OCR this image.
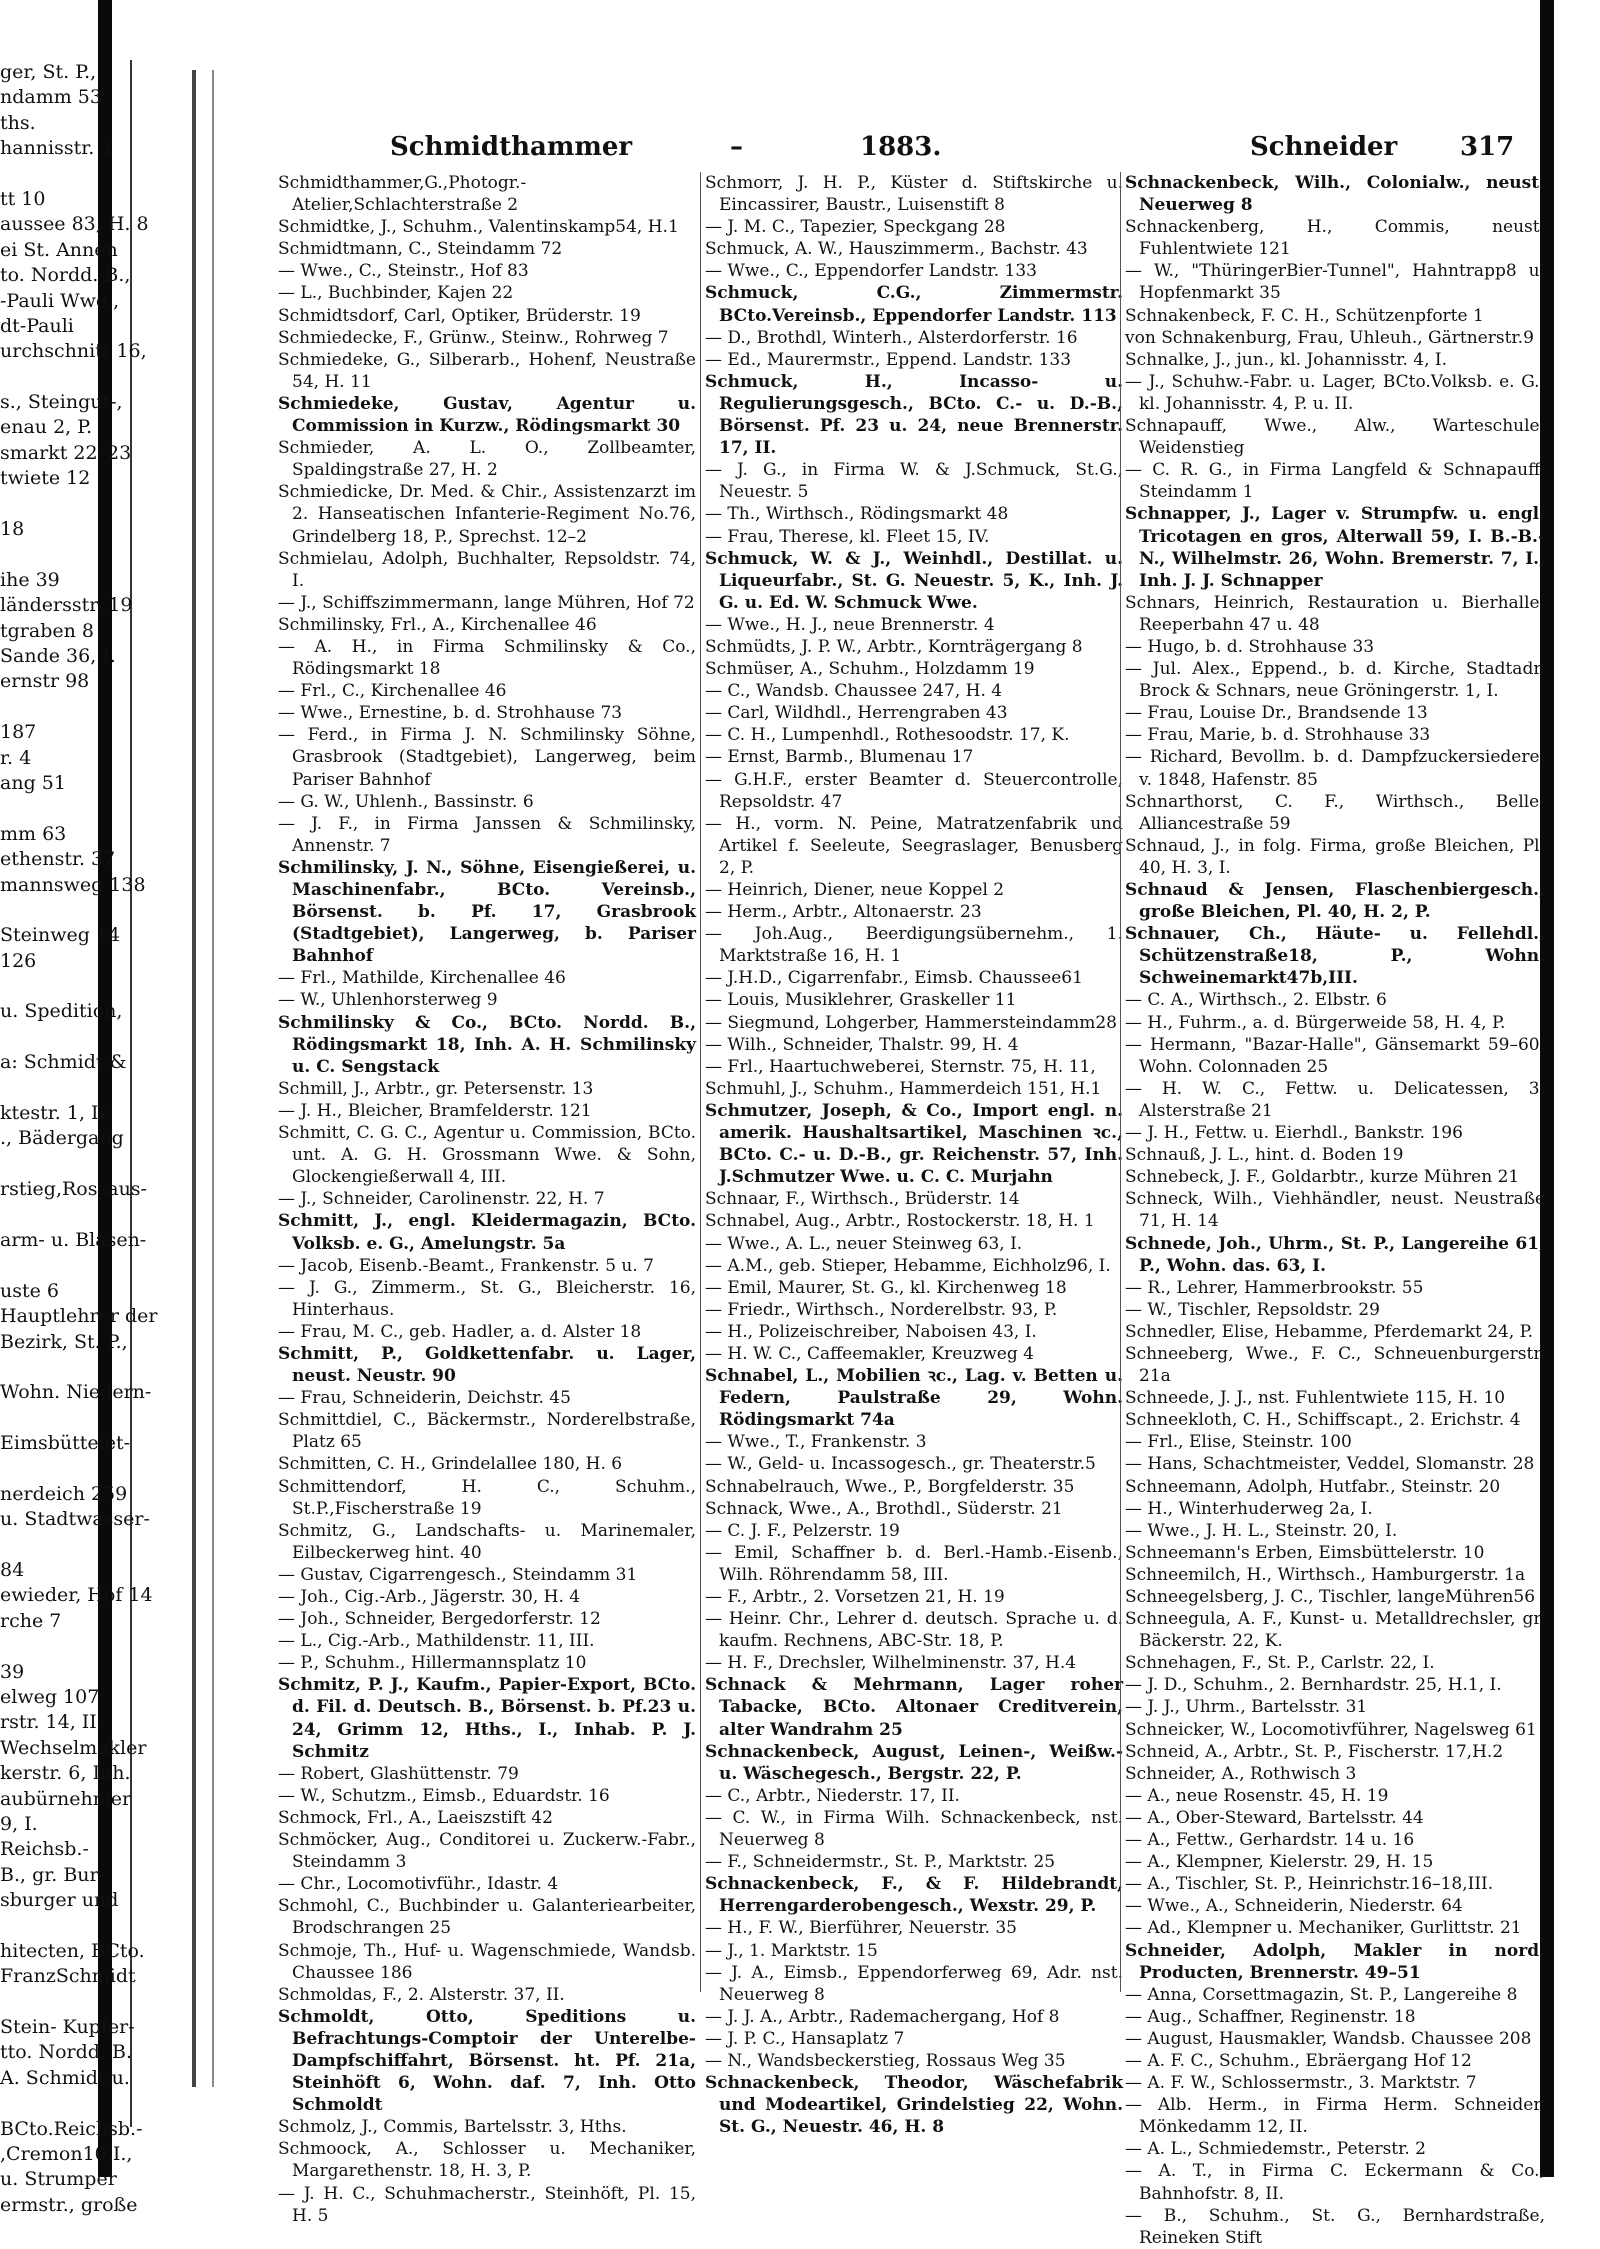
ger, St. P.,
ndamm 53
ths.
hannisstr. 3
tt 10
aussee 83, H. 8
ei St. Annen
to. Nordd. B.,
-Pauli Wwe.,
dt-Pauli
urchschnitt 16,
s., Steingut-,
enau 2, P.
smarkt 22–23
twiete 12
18
ihe 39
ländersstr. 19
tgraben 8
Sande 36, I.
ernstr 98
187
r. 4
ang 51
mm 63
ethenstr. 37
mannsweg 138
Steinweg 14
126
u. Spedition,
a: Schmidt &
ktestr. 1, II.
., Bädergang
rstieg,Rossaus-
arm- u. Blasen-
uste 6
Hauptlehrer der
Bezirk, St. P.,
Wohn. Niedern-
Eimsbüttelet-
nerdeich 259
u. Stadtwasser-
84
ewieder, Hof 14
rche 7
39
elweg 107
rstr. 14, II.
Wechselmakler
kerstr. 6, Inh.
aubürnehmer
9, I.
Reichsb.-
B., gr. Bur-
sburger und
hitecten, BCto.
FranzSchmidt
Stein- Kupfer-
tto. Nordd. B.
A. Schmidt u.
BCto.Reichsb.-
,Cremon10,I.,
u. Strumper
ermstr., große
Schmidthammer	–	1883.	Schneider 317
Schmidthammer,G.,Photogr.-Atelier,Schlachterstraße 2
Schmidtke, J., Schuhm., Valentinskamp54, H.1
Schmidtmann, C., Steindamm 72
— Wwe., C., Steinstr., Hof 83
— L., Buchbinder, Kajen 22
Schmidtsdorf, Carl, Optiker, Brüderstr. 19
Schmiedecke, F., Grünw., Steinw., Rohrweg 7
Schmiedeke, G., Silberarb., Hohenf, Neustraße 54, H. 11
Schmiedeke, Gustav, Agentur u. Commission in Kurzw., Rödingsmarkt 30
Schmieder, A. L. O., Zollbeamter, Spaldingstraße 27, H. 2
Schmiedicke, Dr. Med. & Chir., Assistenzarzt im 2. Hanseatischen Infanterie-Regiment No.76, Grindelberg 18, P., Sprechst. 12–2
Schmielau, Adolph, Buchhalter, Repsoldstr. 74, I.
— J., Schiffszimmermann, lange Mühren, Hof 72
Schmilinsky, Frl., A., Kirchenallee 46
— A. H., in Firma Schmilinsky & Co., Rödingsmarkt 18
— Frl., C., Kirchenallee 46
— Wwe., Ernestine, b. d. Strohhause 73
— Ferd., in Firma J. N. Schmilinsky Söhne, Grasbrook (Stadtgebiet), Langerweg, beim Pariser Bahnhof
— G. W., Uhlenh., Bassinstr. 6
— J. F., in Firma Janssen & Schmilinsky, Annenstr. 7
Schmilinsky, J. N., Söhne, Eisengießerei, u. Maschinenfabr., BCto. Vereinsb., Börsenst. b. Pf. 17, Grasbrook (Stadtgebiet), Langerweg, b. Pariser Bahnhof
— Frl., Mathilde, Kirchenallee 46
— W., Uhlenhorsterweg 9
Schmilinsky & Co., BCto. Nordd. B., Rödingsmarkt 18, Inh. A. H. Schmilinsky u. C. Sengstack
Schmill, J., Arbtr., gr. Petersenstr. 13
— J. H., Bleicher, Bramfelderstr. 121
Schmitt, C. G. C., Agentur u. Commission, BCto. unt. A. G. H. Grossmann Wwe. & Sohn, Glockengießerwall 4, III.
— J., Schneider, Carolinenstr. 22, H. 7
Schmitt, J., engl. Kleidermagazin, BCto. Volksb. e. G., Amelungstr. 5a
— Jacob, Eisenb.-Beamt., Frankenstr. 5 u. 7
— J. G., Zimmerm., St. G., Bleicherstr. 16, Hinterhaus.
— Frau, M. C., geb. Hadler, a. d. Alster 18
Schmitt, P., Goldkettenfabr. u. Lager, neust. Neustr. 90
— Frau, Schneiderin, Deichstr. 45
Schmittdiel, C., Bäckermstr., Norderelbstraße, Platz 65
Schmitten, C. H., Grindelallee 180, H. 6
Schmittendorf, H. C., Schuhm., St.P.,Fischerstraße 19
Schmitz, G., Landschafts- u. Marinemaler, Eilbeckerweg hint. 40
— Gustav, Cigarrengesch., Steindamm 31
— Joh., Cig.-Arb., Jägerstr. 30, H. 4
— Joh., Schneider, Bergedorferstr. 12
— L., Cig.-Arb., Mathildenstr. 11, III.
— P., Schuhm., Hillermannsplatz 10
Schmitz, P. J., Kaufm., Papier-Export, BCto. d. Fil. d. Deutsch. B., Börsenst. b. Pf.23 u. 24, Grimm 12, Hths., I., Inhab. P. J. Schmitz
— Robert, Glashüttenstr. 79
— W., Schutzm., Eimsb., Eduardstr. 16
Schmock, Frl., A., Laeiszstift 42
Schmöcker, Aug., Conditorei u. Zuckerw.-Fabr., Steindamm 3
— Chr., Locomotivführ., Idastr. 4
Schmohl, C., Buchbinder u. Galanteriearbeiter, Brodschrangen 25
Schmoje, Th., Huf- u. Wagenschmiede, Wandsb. Chaussee 186
Schmoldas, F., 2. Alsterstr. 37, II.
Schmoldt, Otto, Speditions u. Befrachtungs-Comptoir der Unterelbe-Dampfschiffahrt, Börsenst. ht. Pf. 21a, Steinhöft 6, Wohn. daf. 7, Inh. Otto Schmoldt
Schmolz, J., Commis, Bartelsstr. 3, Hths.
Schmoock, A., Schlosser u. Mechaniker, Margarethenstr. 18, H. 3, P.
— J. H. C., Schuhmacherstr., Steinhöft, Pl. 15, H. 5
Schmorr, J. H. P., Küster d. Stiftskirche u. Eincassirer, Baustr., Luisenstift 8
— J. M. C., Tapezier, Speckgang 28
Schmuck, A. W., Hauszimmerm., Bachstr. 43
— Wwe., C., Eppendorfer Landstr. 133
Schmuck, C.G., Zimmermstr. BCto.Vereinsb., Eppendorfer Landstr. 113
— D., Brothdl, Winterh., Alsterdorferstr. 16
— Ed., Maurermstr., Eppend. Landstr. 133
Schmuck, H., Incasso- u. Regulierungsgesch., BCto. C.- u. D.-B., Börsenst. Pf. 23 u. 24, neue Brennerstr. 17, II.
— J. G., in Firma W. & J.Schmuck, St.G., Neuestr. 5
— Th., Wirthsch., Rödingsmarkt 48
— Frau, Therese, kl. Fleet 15, IV.
Schmuck, W. & J., Weinhdl., Destillat. u. Liqueurfabr., St. G. Neuestr. 5, K., Inh. J. G. u. Ed. W. Schmuck Wwe.
— Wwe., H. J., neue Brennerstr. 4
Schmüdts, J. P. W., Arbtr., Kornträgergang 8
Schmüser, A., Schuhm., Holzdamm 19
— C., Wandsb. Chaussee 247, H. 4
— Carl, Wildhdl., Herrengraben 43
— C. H., Lumpenhdl., Rothesoodstr. 17, K.
— Ernst, Barmb., Blumenau 17
— G.H.F., erster Beamter d. Steuercontrolle, Repsoldstr. 47
— H., vorm. N. Peine, Matratzenfabrik und Artikel f. Seeleute, Seegraslager, Benusberg 2, P.
— Heinrich, Diener, neue Koppel 2
— Herm., Arbtr., Altonaerstr. 23
— Joh.Aug., Beerdigungsübernehm., 1. Marktstraße 16, H. 1
— J.H.D., Cigarrenfabr., Eimsb. Chaussee61
— Louis, Musiklehrer, Graskeller 11
— Siegmund, Lohgerber, Hammersteindamm28
— Wilh., Schneider, Thalstr. 99, H. 4
— Frl., Haartuchweberei, Sternstr. 75, H. 11,
Schmuhl, J., Schuhm., Hammerdeich 151, H.1
Schmutzer, Joseph, & Co., Import engl. n. amerik. Haushaltsartikel, Maschinen ꝛc., BCto. C.- u. D.-B., gr. Reichenstr. 57, Inh. J.Schmutzer Wwe. u. C. C. Murjahn
Schnaar, F., Wirthsch., Brüderstr. 14
Schnabel, Aug., Arbtr., Rostockerstr. 18, H. 1
— Wwe., A. L., neuer Steinweg 63, I.
— A.M., geb. Stieper, Hebamme, Eichholz96, I.
— Emil, Maurer, St. G., kl. Kirchenweg 18
— Friedr., Wirthsch., Norderelbstr. 93, P.
— H., Polizeischreiber, Naboisen 43, I.
— H. W. C., Caffeemakler, Kreuzweg 4
Schnabel, L., Mobilien ꝛc., Lag. v. Betten u. Federn, Paulstraße 29, Wohn. Rödingsmarkt 74a
— Wwe., T., Frankenstr. 3
— W., Geld- u. Incassogesch., gr. Theaterstr.5
Schnabelrauch, Wwe., P., Borgfelderstr. 35
Schnack, Wwe., A., Brothdl., Süderstr. 21
— C. J. F., Pelzerstr. 19
— Emil, Schaffner b. d. Berl.-Hamb.-Eisenb., Wilh. Röhrendamm 58, III.
— F., Arbtr., 2. Vorsetzen 21, H. 19
— Heinr. Chr., Lehrer d. deutsch. Sprache u. d. kaufm. Rechnens, ABC-Str. 18, P.
— H. F., Drechsler, Wilhelminenstr. 37, H.4
Schnack & Mehrmann, Lager roher Tabacke, BCto. Altonaer Creditverein, alter Wandrahm 25
Schnackenbeck, August, Leinen-, Weißw.- u. Wäschegesch., Bergstr. 22, P.
— C., Arbtr., Niederstr. 17, II.
— C. W., in Firma Wilh. Schnackenbeck, nst. Neuerweg 8
— F., Schneidermstr., St. P., Marktstr. 25
Schnackenbeck, F., & F. Hildebrandt, Herrengarderobengesch., Wexstr. 29, P.
— H., F. W., Bierführer, Neuerstr. 35
— J., 1. Marktstr. 15
— J. A., Eimsb., Eppendorferweg 69, Adr. nst. Neuerweg 8
— J. J. A., Arbtr., Rademachergang, Hof 8
— J. P. C., Hansaplatz 7
— N., Wandsbeckerstieg, Rossaus Weg 35
Schnackenbeck, Theodor, Wäschefabrik und Modeartikel, Grindelstieg 22, Wohn. St. G., Neuestr. 46, H. 8
Schnackenbeck, Wilh., Colonialw., neust. Neuerweg 8
Schnackenberg, H., Commis, neust. Fuhlentwiete 121
— W., "ThüringerBier-Tunnel", Hahntrapp8 u. Hopfenmarkt 35
Schnakenbeck, F. C. H., Schützenpforte 1
von Schnakenburg, Frau, Uhleuh., Gärtnerstr.9
Schnalke, J., jun., kl. Johannisstr. 4, I.
— J., Schuhw.-Fabr. u. Lager, BCto.Volksb. e. G., kl. Johannisstr. 4, P. u. II.
Schnapauff, Wwe., Alw., Warteschule, Weidenstieg
— C. R. G., in Firma Langfeld & Schnapauff, Steindamm 1
Schnapper, J., Lager v. Strumpfw. u. engl. Tricotagen en gros, Alterwall 59, I. B.-B.-N., Wilhelmstr. 26, Wohn. Bremerstr. 7, I., Inh. J. J. Schnapper
Schnars, Heinrich, Restauration u. Bierhalle, Reeperbahn 47 u. 48
— Hugo, b. d. Strohhause 33
— Jul. Alex., Eppend., b. d. Kirche, Stadtadr. Brock & Schnars, neue Gröningerstr. 1, I.
— Frau, Louise Dr., Brandsende 13
— Frau, Marie, b. d. Strohhause 33
— Richard, Bevollm. b. d. Dampfzuckersiederei v. 1848, Hafenstr. 85
Schnarthorst, C. F., Wirthsch., Belle-Alliancestraße 59
Schnaud, J., in folg. Firma, große Bleichen, Pl. 40, H. 3, I.
Schnaud & Jensen, Flaschenbiergesch., große Bleichen, Pl. 40, H. 2, P.
Schnauer, Ch., Häute- u. Fellehdl., Schützenstraße18, P., Wohn. Schweinemarkt47b,III.
— C. A., Wirthsch., 2. Elbstr. 6
— H., Fuhrm., a. d. Bürgerweide 58, H. 4, P.
— Hermann, "Bazar-Halle", Gänsemarkt 59–60, Wohn. Colonnaden 25
— H. W. C., Fettw. u. Delicatessen, 3. Alsterstraße 21
— J. H., Fettw. u. Eierhdl., Bankstr. 196
Schnauß, J. L., hint. d. Boden 19
Schnebeck, J. F., Goldarbtr., kurze Mühren 21
Schneck, Wilh., Viehhändler, neust. Neustraße 71, H. 14
Schnede, Joh., Uhrm., St. P., Langereihe 61, P., Wohn. das. 63, I.
— R., Lehrer, Hammerbrookstr. 55
— W., Tischler, Repsoldstr. 29
Schnedler, Elise, Hebamme, Pferdemarkt 24, P.
Schneeberg, Wwe., F. C., Schneuenburgerstr. 21a
Schneede, J. J., nst. Fuhlentwiete 115, H. 10
Schneekloth, C. H., Schiffscapt., 2. Erichstr. 4
— Frl., Elise, Steinstr. 100
— Hans, Schachtmeister, Veddel, Slomanstr. 28
Schneemann, Adolph, Hutfabr., Steinstr. 20
— H., Winterhuderweg 2a, I.
— Wwe., J. H. L., Steinstr. 20, I.
Schneemann's Erben, Eimsbüttelerstr. 10
Schneemilch, H., Wirthsch., Hamburgerstr. 1a
Schneegelsberg, J. C., Tischler, langeMühren56
Schneegula, A. F., Kunst- u. Metalldrechsler, gr. Bäckerstr. 22, K.
Schnehagen, F., St. P., Carlstr. 22, I.
— J. D., Schuhm., 2. Bernhardstr. 25, H.1, I.
— J. J., Uhrm., Bartelsstr. 31
Schneicker, W., Locomotivführer, Nagelsweg 61
Schneid, A., Arbtr., St. P., Fischerstr. 17,H.2
Schneider, A., Rothwisch 3
— A., neue Rosenstr. 45, H. 19
— A., Ober-Steward, Bartelsstr. 44
— A., Fettw., Gerhardstr. 14 u. 16
— A., Klempner, Kielerstr. 29, H. 15
— A., Tischler, St. P., Heinrichstr.16–18,III.
— Wwe., A., Schneiderin, Niederstr. 64
— Ad., Klempner u. Mechaniker, Gurlittstr. 21
Schneider, Adolph, Makler in nord. Producten, Brennerstr. 49–51
— Anna, Corsettmagazin, St. P., Langereihe 8
— Aug., Schaffner, Reginenstr. 18
— August, Hausmakler, Wandsb. Chaussee 208
— A. F. C., Schuhm., Ebräergang Hof 12
— A. F. W., Schlossermstr., 3. Marktstr. 7
— Alb. Herm., in Firma Herm. Schneider, Mönkedamm 12, II.
— A. L., Schmiedemstr., Peterstr. 2
— A. T., in Firma C. Eckermann & Co., Bahnhofstr. 8, II.
— B., Schuhm., St. G., Bernhardstraße, Reineken Stift
